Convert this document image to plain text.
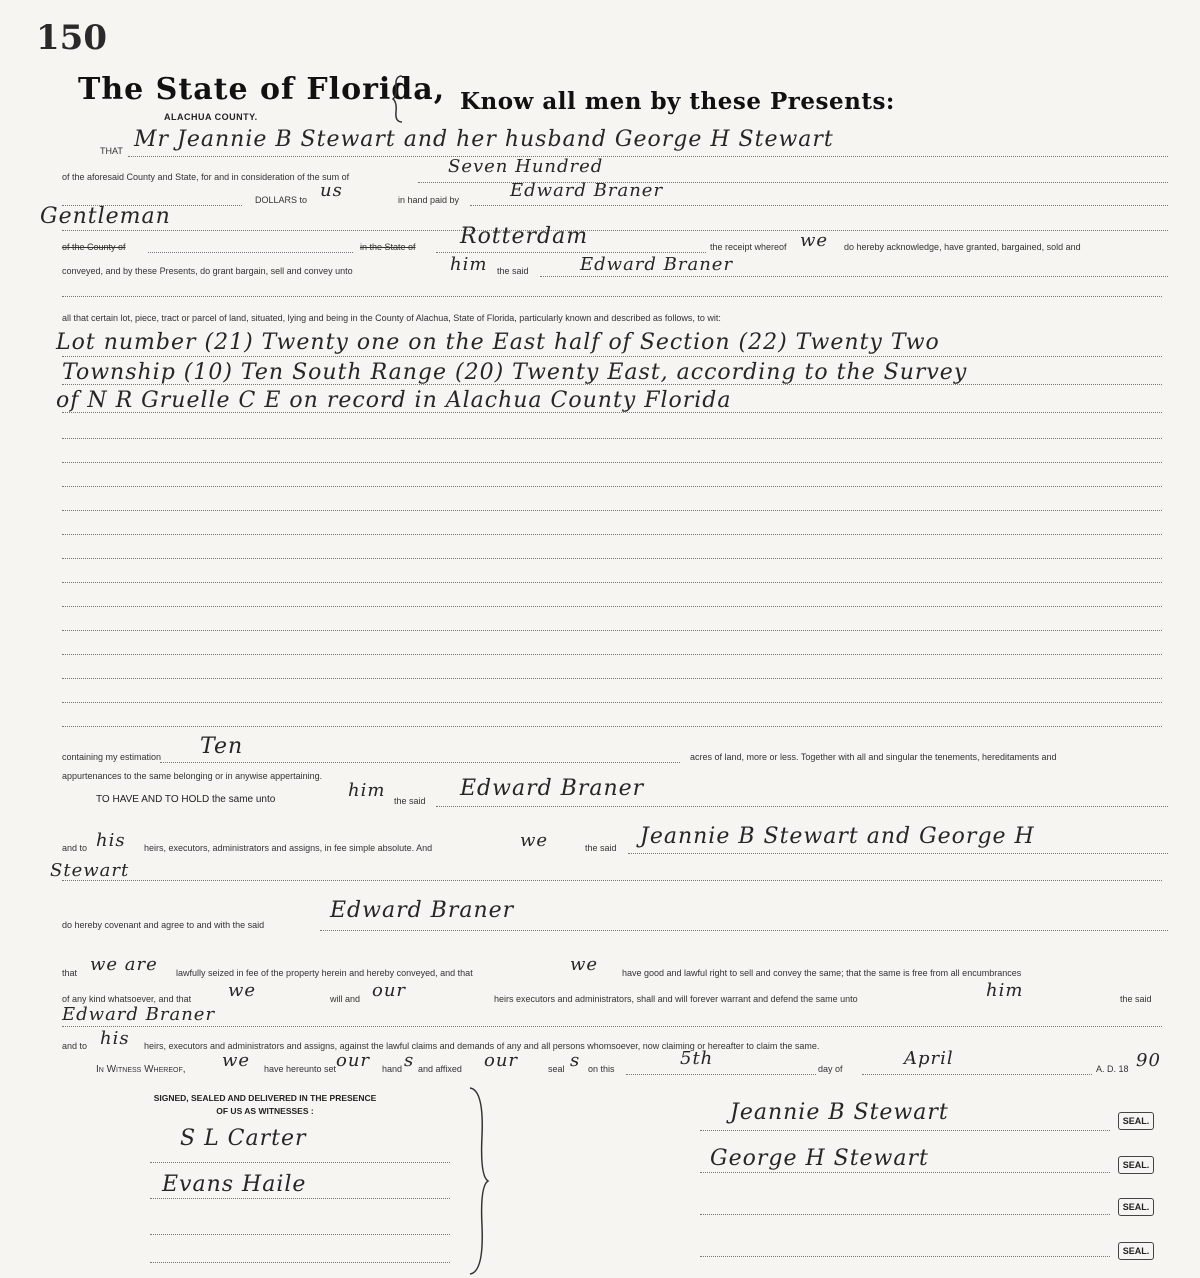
150
The State of Florida,
ALACHUA COUNTY.
Know all men by these Presents:
THAT Mr Jeannie B Stewart and her husband George H Stewart
of the aforesaid County and State, for and in consideration of the sum of	Seven Hundred
DOLLARS to us	in hand paid by	Edward Braner
Gentleman
of the County of	in the State of Rotterdam	the receipt whereof we do hereby acknowledge, have granted, bargained, sold and
conveyed, and by these Presents, do grant bargain, sell and convey unto	him the said	Edward Braner
all that certain lot, piece, tract or parcel of land, situated, lying and being in the County of Alachua, State of Florida, particularly known and described as follows, to wit:
Lot number (21) Twenty one on the East half of Section (22) Twenty Two
Township (10) Ten South Range (20) Twenty East, according to the Survey
of N R Gruelle C E on record in Alachua County Florida
containing my estimation Ten	acres of land, more or less. Together with all and singular the tenements, hereditaments and
appurtenances to the same belonging or in anywise appertaining.
TO HAVE AND TO HOLD the same unto	him the said Edward Braner
and to his heirs, executors, administrators and assigns, in fee simple absolute. And	we	the said Jeannie B Stewart and George H
Stewart
do hereby covenant and agree to and with the said
Edward Braner
that we are lawfully seized in fee of the property herein and hereby conveyed, and that	we	have good and lawful right to sell and convey the same; that the same is free from all encumbrances
of any kind whatsoever, and that we	will and our	heirs executors and administrators, shall and will forever warrant and defend the same unto	him	the said
Edward Braner
and to his heirs, executors and administrators and assigns, against the lawful claims and demands of any and all persons whomsoever, now claiming or hereafter to claim the same.
In Witness Whereof, we have hereunto set our hand s and affixed our	seal s on this	5th	day of	April	A. D. 18 90
SIGNED, SEALED AND DELIVERED IN THE PRESENCE OF US AS WITNESSES :
S L Carter
Evans Haile
Jeannie B Stewart
George H Stewart
SEAL.
SEAL.
SEAL.
SEAL.
